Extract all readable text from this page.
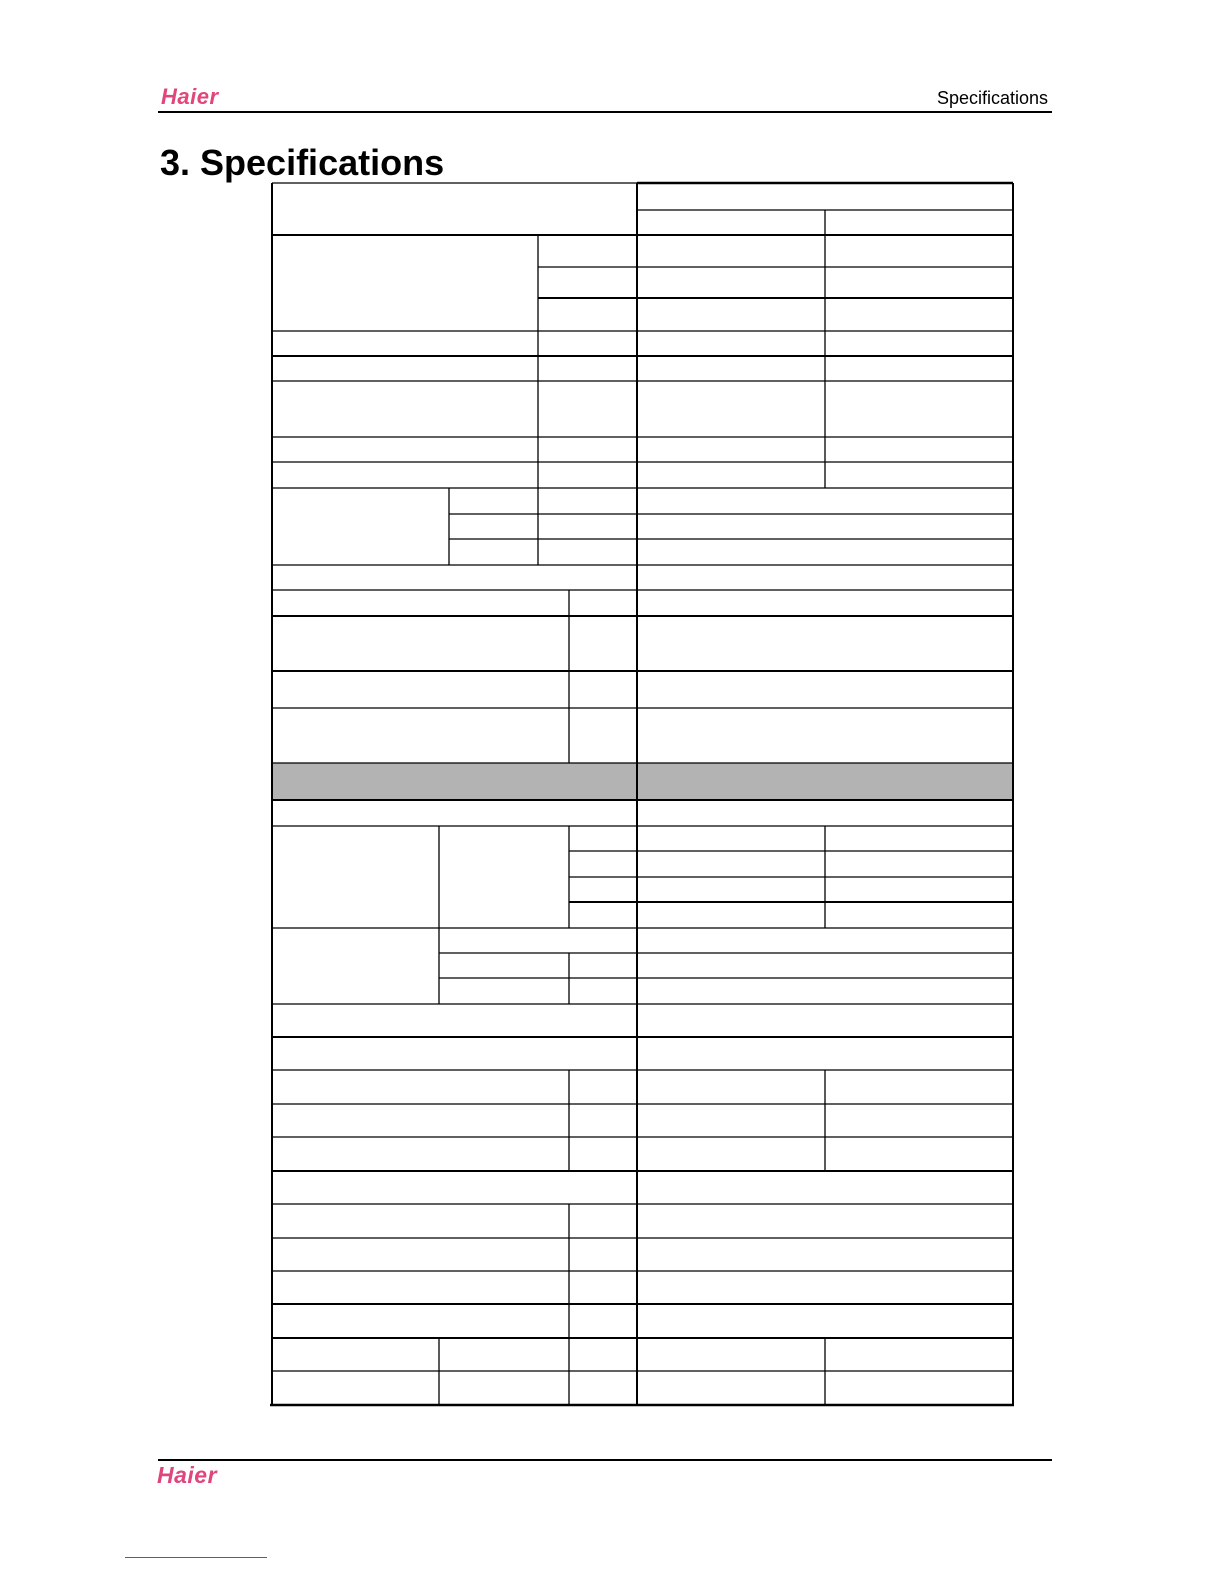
Haier	Specifications
3. Specifications
Haier
